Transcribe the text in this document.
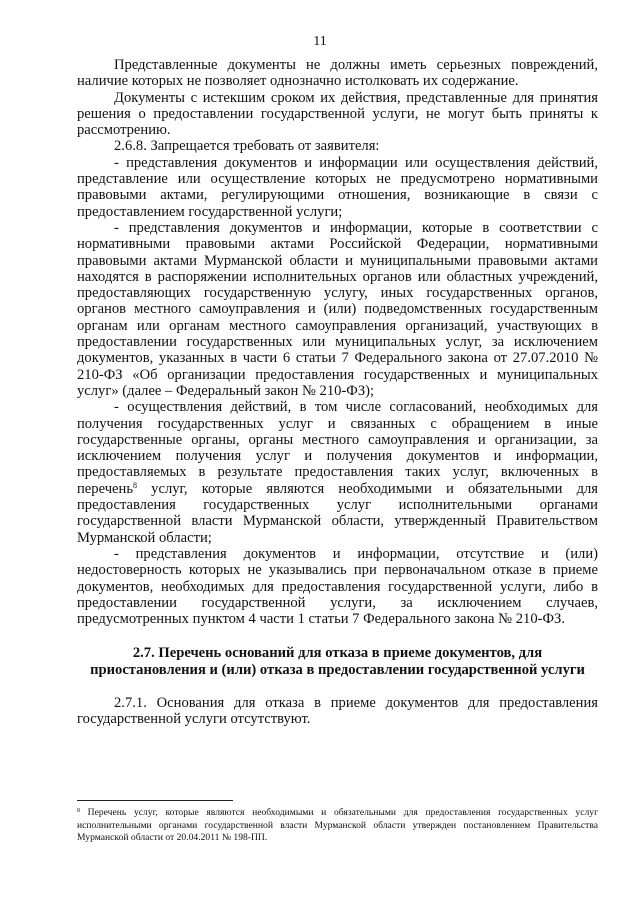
11

Представленные документы не должны иметь серьезных повреждений, наличие которых не позволяет однозначно истолковать их содержание.

Документы с истекшим сроком их действия, представленные для принятия решения о предоставлении государственной услуги, не могут быть приняты к рассмотрению.

2.6.8. Запрещается требовать от заявителя:

- представления документов и информации или осуществления действий, представление или осуществление которых не предусмотрено нормативными правовыми актами, регулирующими отношения, возникающие в связи с предоставлением государственной услуги;

- представления документов и информации, которые в соответствии с нормативными правовыми актами Российской Федерации, нормативными правовыми актами Мурманской области и муниципальными правовыми актами находятся в распоряжении исполнительных органов или областных учреждений, предоставляющих государственную услугу, иных государственных органов, органов местного самоуправления и (или) подведомственных государственным органам или органам местного самоуправления организаций, участвующих в предоставлении государственных или муниципальных услуг, за исключением документов, указанных в части 6 статьи 7 Федерального закона от 27.07.2010 № 210-ФЗ «Об организации предоставления государственных и муниципальных услуг» (далее – Федеральный закон № 210-ФЗ);

- осуществления действий, в том числе согласований, необходимых для получения государственных услуг и связанных с обращением в иные государственные органы, органы местного самоуправления и организации, за исключением получения услуг и получения документов и информации, предоставляемых в результате предоставления таких услуг, включенных в перечень$^8$ услуг, которые являются необходимыми и обязательными для предоставления государственных услуг исполнительными органами государственной власти Мурманской области, утвержденный Правительством Мурманской области;

- представления документов и информации, отсутствие и (или) недостоверность которых не указывались при первоначальном отказе в приеме документов, необходимых для предоставления государственной услуги, либо в предоставлении государственной услуги, за исключением случаев, предусмотренных пунктом 4 части 1 статьи 7 Федерального закона № 210-ФЗ.

2.7. Перечень оснований для отказа в приеме документов, для приостановления и (или) отказа в предоставлении государственной услуги

2.7.1. Основания для отказа в приеме документов для предоставления государственной услуги отсутствуют.

$^8$ Перечень услуг, которые являются необходимыми и обязательными для предоставления государственных услуг исполнительными органами государственной власти Мурманской области утвержден постановлением Правительства Мурманской области от 20.04.2011 № 198-ПП.
